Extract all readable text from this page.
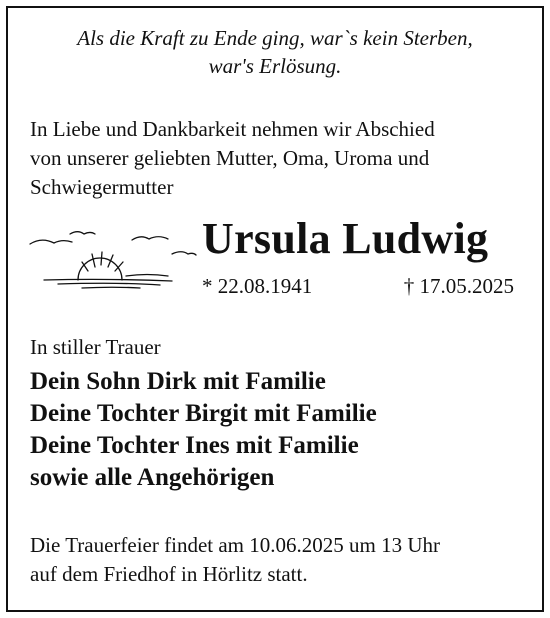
Als die Kraft zu Ende ging, war`s kein Sterben,
war's Erlösung.
In Liebe und Dankbarkeit nehmen wir Abschied
von unserer geliebten Mutter, Oma, Uroma und
Schwiegermutter
Ursula Ludwig
* 22.08.1941	† 17.05.2025
In stiller Trauer
Dein Sohn Dirk mit Familie
Deine Tochter Birgit mit Familie
Deine Tochter Ines mit Familie
sowie alle Angehörigen
Die Trauerfeier findet am 10.06.2025 um 13 Uhr
auf dem Friedhof in Hörlitz statt.
